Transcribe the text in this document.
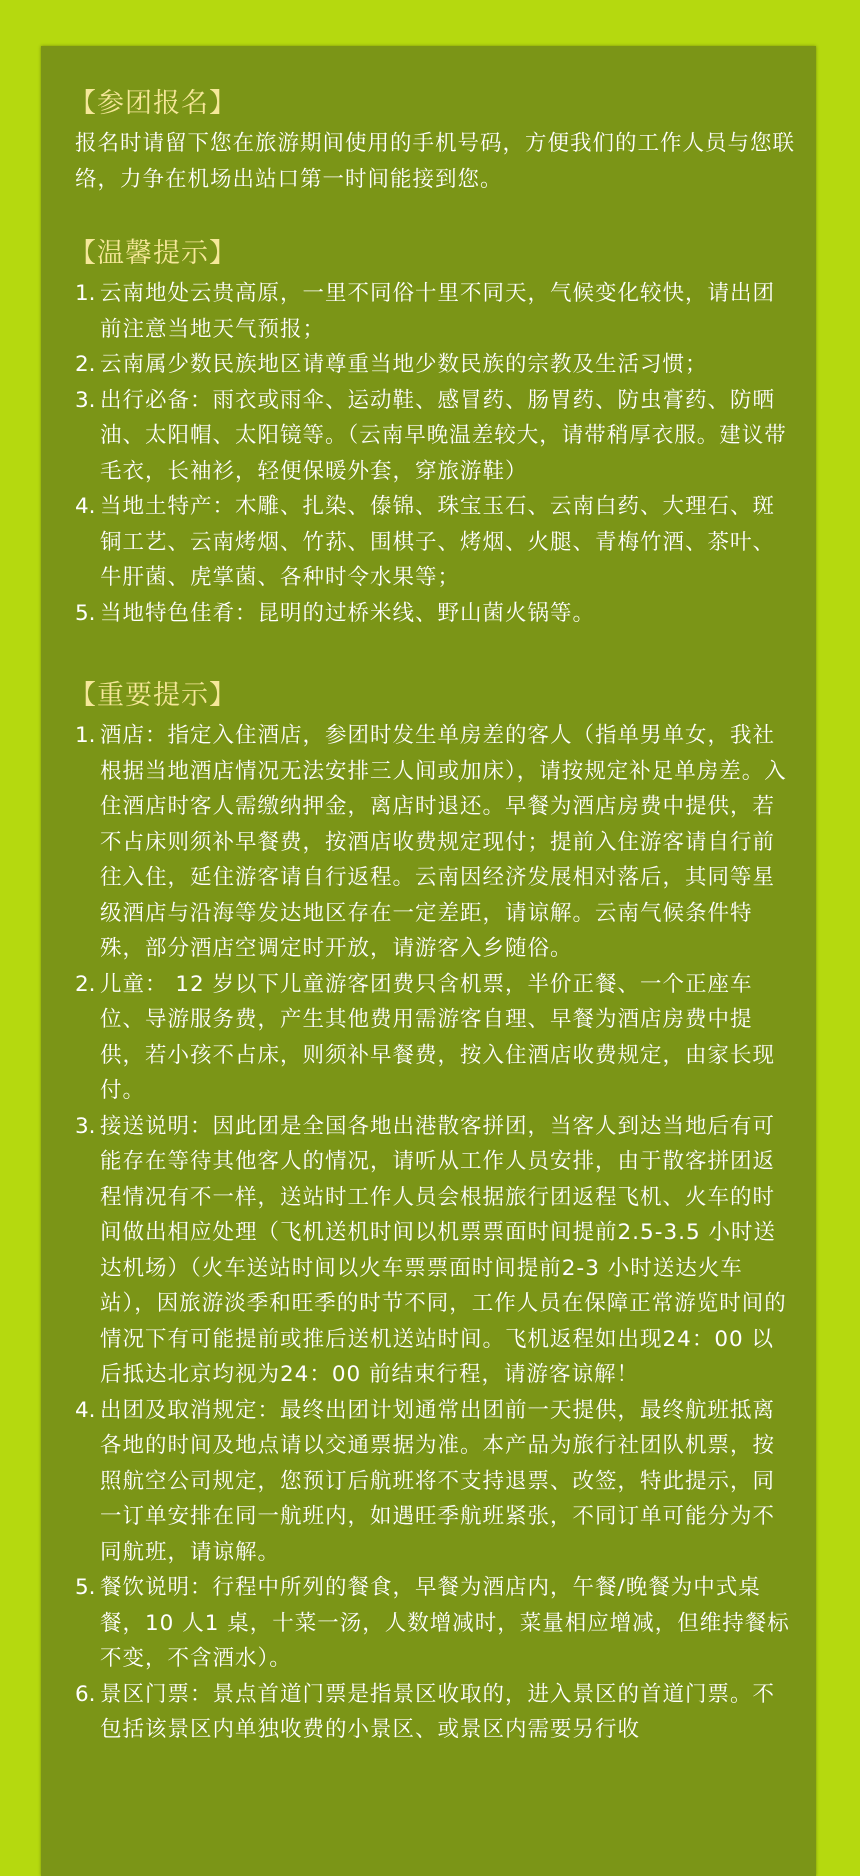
【参团报名】
报名时请留下您在旅游期间使用的手机号码，方便我们的工作人员与您联络，力争在机场出站口第一时间能接到您。
【温馨提示】
1. 云南地处云贵高原，一里不同俗十里不同天，气候变化较快，请出团前注意当地天气预报；
2. 云南属少数民族地区请尊重当地少数民族的宗教及生活习惯；
3. 出行必备：雨衣或雨伞、运动鞋、感冒药、肠胃药、防虫膏药、防晒油、太阳帽、太阳镜等。（云南早晚温差较大，请带稍厚衣服。建议带毛衣，长袖衫，轻便保暖外套，穿旅游鞋）
4. 当地土特产：木雕、扎染、傣锦、珠宝玉石、云南白药、大理石、斑铜工艺、云南烤烟、竹荪、围棋子、烤烟、火腿、青梅竹酒、茶叶、牛肝菌、虎掌菌、各种时令水果等；
5. 当地特色佳肴：昆明的过桥米线、野山菌火锅等。
【重要提示】
1. 酒店：指定入住酒店，参团时发生单房差的客人（指单男单女，我社根据当地酒店情况无法安排三人间或加床），请按规定补足单房差。入住酒店时客人需缴纳押金，离店时退还。早餐为酒店房费中提供，若不占床则须补早餐费，按酒店收费规定现付；提前入住游客请自行前往入住，延住游客请自行返程。云南因经济发展相对落后，其同等星级酒店与沿海等发达地区存在一定差距，请谅解。云南气候条件特殊，部分酒店空调定时开放，请游客入乡随俗。
2. 儿童： 12 岁以下儿童游客团费只含机票，半价正餐、一个正座车位、导游服务费，产生其他费用需游客自理、早餐为酒店房费中提供，若小孩不占床，则须补早餐费，按入住酒店收费规定，由家长现付。
3. 接送说明：因此团是全国各地出港散客拼团，当客人到达当地后有可能存在等待其他客人的情况，请听从工作人员安排，由于散客拼团返程情况有不一样，送站时工作人员会根据旅行团返程飞机、火车的时间做出相应处理（飞机送机时间以机票票面时间提前2.5-3.5 小时送达机场）（火车送站时间以火车票票面时间提前2-3 小时送达火车站），因旅游淡季和旺季的时节不同，工作人员在保障正常游览时间的情况下有可能提前或推后送机送站时间。飞机返程如出现24：00 以后抵达北京均视为24：00 前结束行程，请游客谅解！
4. 出团及取消规定：最终出团计划通常出团前一天提供，最终航班抵离各地的时间及地点请以交通票据为准。本产品为旅行社团队机票，按照航空公司规定，您预订后航班将不支持退票、改签，特此提示，同一订单安排在同一航班内，如遇旺季航班紧张，不同订单可能分为不同航班，请谅解。
5. 餐饮说明：行程中所列的餐食，早餐为酒店内，午餐/晚餐为中式桌餐，10 人1 桌，十菜一汤，人数增减时，菜量相应增减，但维持餐标不变，不含酒水）。
6. 景区门票：景点首道门票是指景区收取的，进入景区的首道门票。不包括该景区内单独收费的小景区、或景区内需要另行收
